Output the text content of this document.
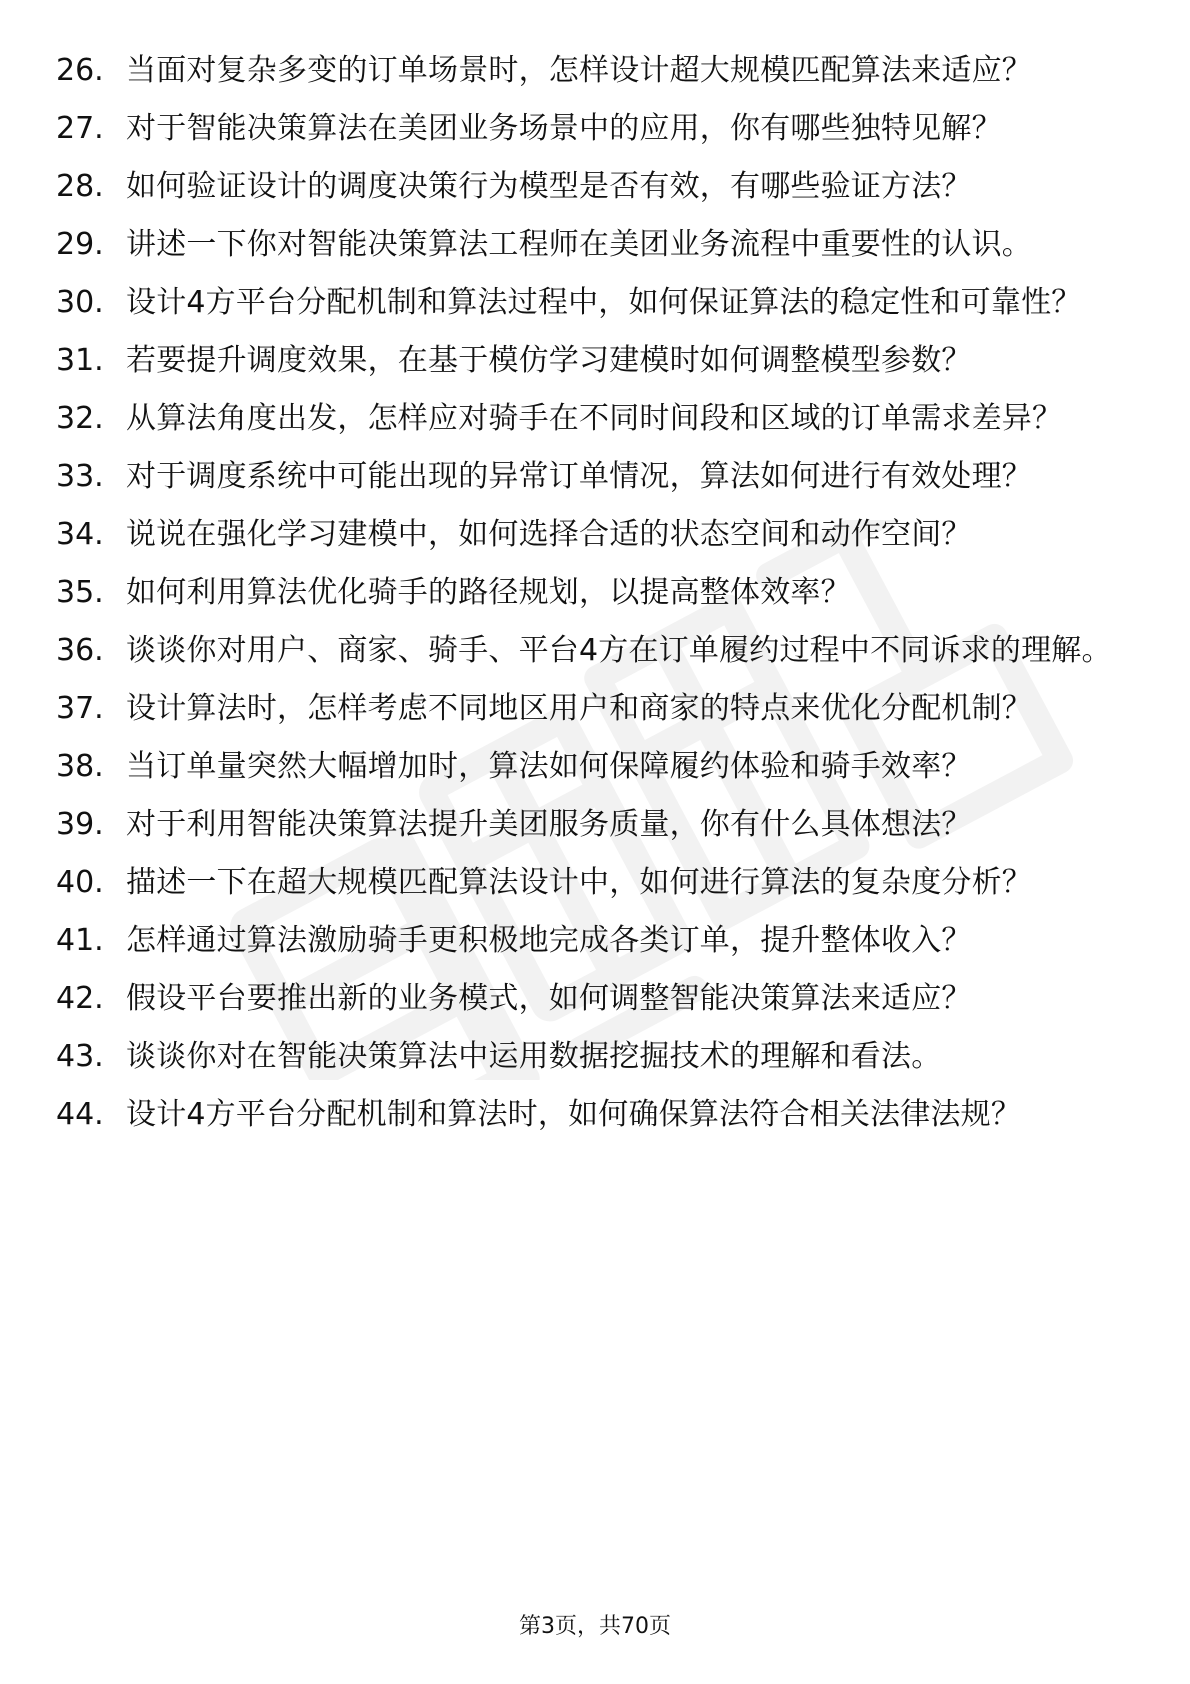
26. 当面对复杂多变的订单场景时，怎样设计超大规模匹配算法来适应？
27. 对于智能决策算法在美团业务场景中的应用，你有哪些独特见解？
28. 如何验证设计的调度决策行为模型是否有效，有哪些验证方法？
29. 讲述一下你对智能决策算法工程师在美团业务流程中重要性的认识。
30. 设计4方平台分配机制和算法过程中，如何保证算法的稳定性和可靠性？
31. 若要提升调度效果，在基于模仿学习建模时如何调整模型参数？
32. 从算法角度出发，怎样应对骑手在不同时间段和区域的订单需求差异？
33. 对于调度系统中可能出现的异常订单情况，算法如何进行有效处理？
34. 说说在强化学习建模中，如何选择合适的状态空间和动作空间？
35. 如何利用算法优化骑手的路径规划，以提高整体效率？
36. 谈谈你对用户、商家、骑手、平台4方在订单履约过程中不同诉求的理解。
37. 设计算法时，怎样考虑不同地区用户和商家的特点来优化分配机制？
38. 当订单量突然大幅增加时，算法如何保障履约体验和骑手效率？
39. 对于利用智能决策算法提升美团服务质量，你有什么具体想法？
40. 描述一下在超大规模匹配算法设计中，如何进行算法的复杂度分析？
41. 怎样通过算法激励骑手更积极地完成各类订单，提升整体收入？
42. 假设平台要推出新的业务模式，如何调整智能决策算法来适应？
43. 谈谈你对在智能决策算法中运用数据挖掘技术的理解和看法。
44. 设计4方平台分配机制和算法时，如何确保算法符合相关法律法规？
第3页，共70页
